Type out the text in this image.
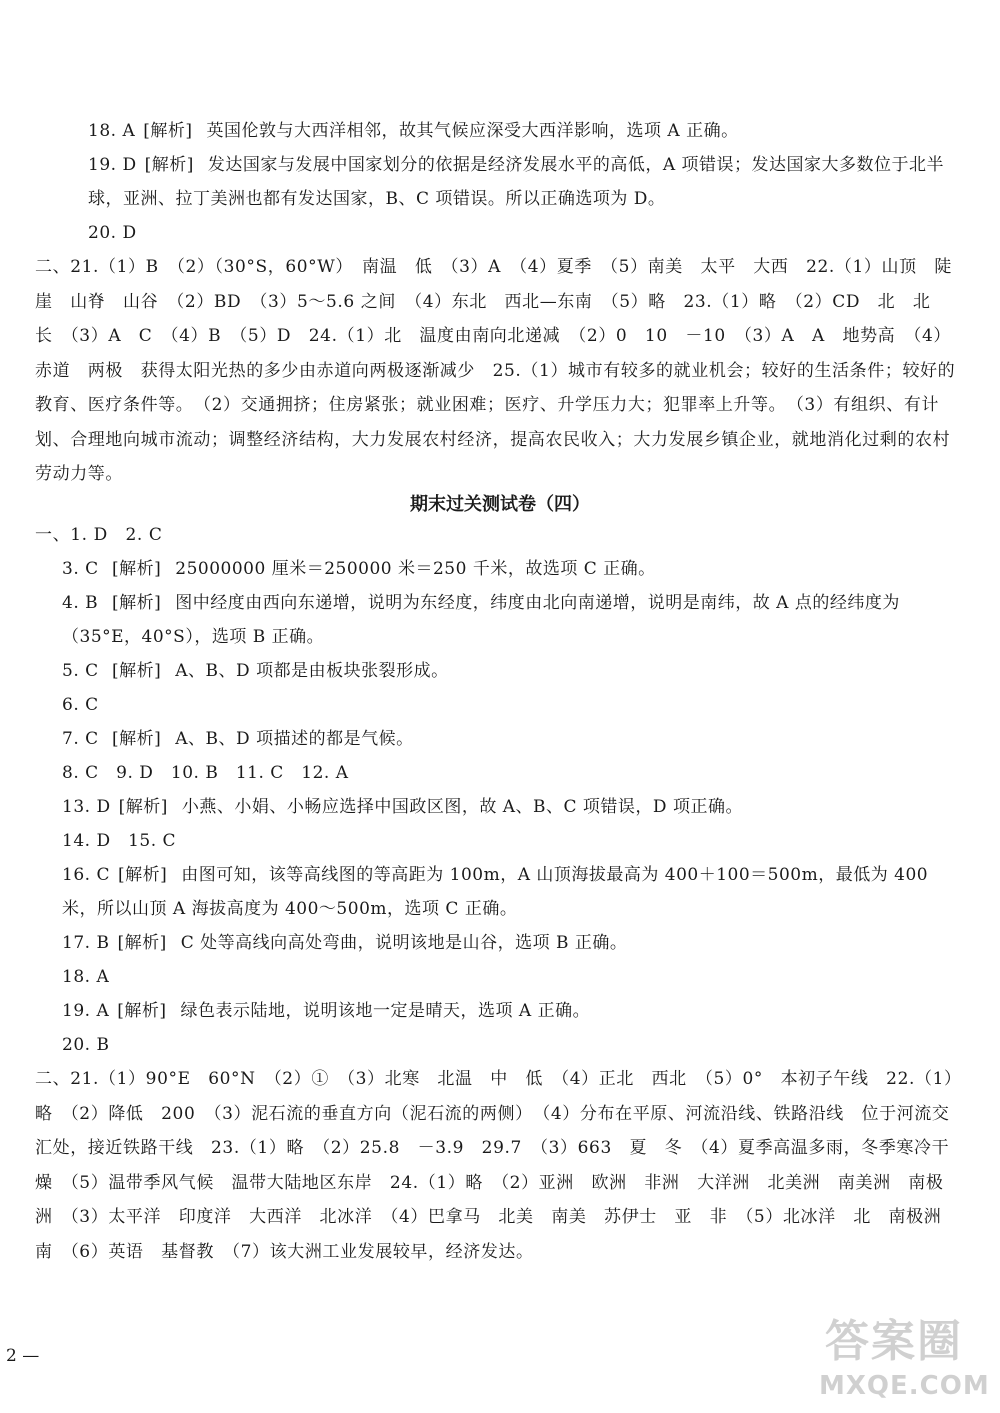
18. A [解析] 英国伦敦与大西洋相邻，故其气候应深受大西洋影响，选项 A 正确。
19. D [解析] 发达国家与发展中国家划分的依据是经济发展水平的高低，A 项错误；发达国家大多数位于北半球，亚洲、拉丁美洲也都有发达国家，B、C 项错误。所以正确选项为 D。
20. D
二、21.（1）B　（2）（30°S，60°W）　南温　低　（3）A　（4）夏季　（5）南美　太平　大西　22.（1）山顶　陡崖　山脊　山谷　（2）BD　（3）5～5.6 之间　（4）东北　西北—东南　（5）略　23.（1）略　（2）CD　北　北　长　（3）A　C　（4）B　（5）D　24.（1）北　温度由南向北递减　（2）0　10　－10　（3）A　A　地势高　（4）赤道　两极　获得太阳光热的多少由赤道向两极逐渐减少　25.（1）城市有较多的就业机会；较好的生活条件；较好的教育、医疗条件等。　（2）交通拥挤；住房紧张；就业困难；医疗、升学压力大；犯罪率上升等。　（3）有组织、有计划、合理地向城市流动；调整经济结构，大力发展农村经济，提高农民收入；大力发展乡镇企业，就地消化过剩的农村劳动力等。
期末过关测试卷（四）
一、1. D　2. C
3. C [解析] 25000000 厘米＝250000 米＝250 千米，故选项 C 正确。
4. B [解析] 图中经度由西向东递增，说明为东经度，纬度由北向南递增，说明是南纬，故 A 点的经纬度为（35°E，40°S），选项 B 正确。
5. C [解析] A、B、D 项都是由板块张裂形成。
6. C
7. C [解析] A、B、D 项描述的都是气候。
8. C　9. D　10. B　11. C　12. A
13. D [解析] 小燕、小娟、小畅应选择中国政区图，故 A、B、C 项错误，D 项正确。
14. D　15. C
16. C [解析] 由图可知，该等高线图的等高距为 100m，A 山顶海拔最高为 400＋100＝500m，最低为 400 米，所以山顶 A 海拔高度为 400～500m，选项 C 正确。
17. B [解析] C 处等高线向高处弯曲，说明该地是山谷，选项 B 正确。
18. A
19. A [解析] 绿色表示陆地，说明该地一定是晴天，选项 A 正确。
20. B
二、21.（1）90°E　60°N　（2）①　（3）北寒　北温　中　低　（4）正北　西北　（5）0°　本初子午线　22.（1）略　（2）降低　200　（3）泥石流的垂直方向（泥石流的两侧）　（4）分布在平原、河流沿线、铁路沿线　位于河流交汇处，接近铁路干线　23.（1）略　（2）25.8　－3.9　29.7　（3）663　夏　冬　（4）夏季高温多雨，冬季寒冷干燥　（5）温带季风气候　温带大陆地区东岸　24.（1）略　（2）亚洲　欧洲　非洲　大洋洲　北美洲　南美洲　南极洲　（3）太平洋　印度洋　大西洋　北冰洋　（4）巴拿马　北美　南美　苏伊士　亚　非　（5）北冰洋　北　南极洲　南　（6）英语　基督教　（7）该大洲工业发展较早，经济发达。
2 —	答案圈
MXQE.COM
